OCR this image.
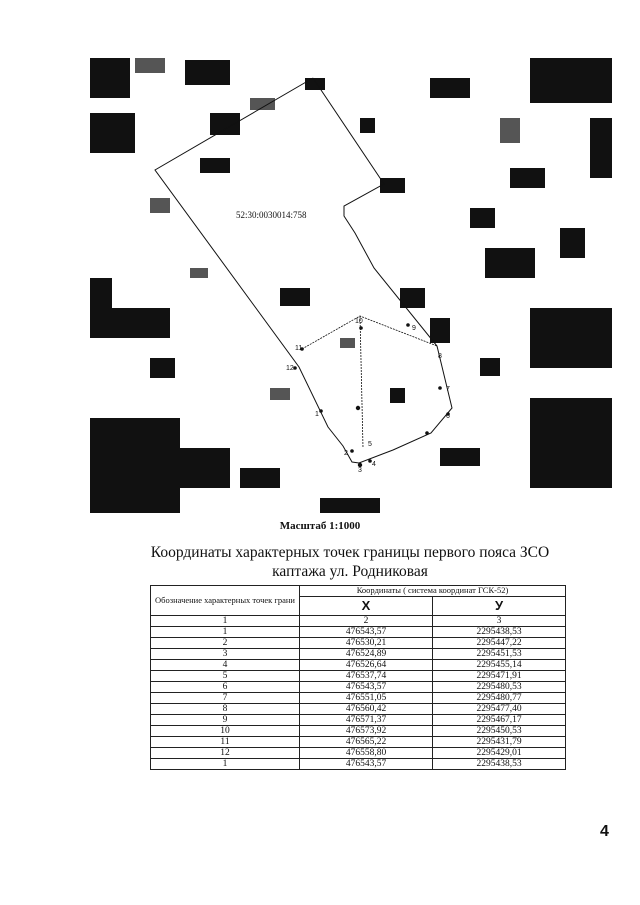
52:30:0030014:758
1
2
3
4
5
6
7
8
9
10
11
12
Масштаб 1:1000
Координаты характерных точек границы первого пояса ЗСО
каптажа ул. Родниковая
Обозначение характерных точек грани	Координаты ( система координат ГСК-52)	
	X	У
1	2	3
1	476543,57	2295438,53
2	476530,21	2295447,22
3	476524,89	2295451,53
4	476526,64	2295455,14
5	476537,74	2295471,91
6	476543,57	2295480,53
7	476551,05	2295480,77
8	476560,42	2295477,40
9	476571,37	2295467,17
10	476573,92	2295450,53
11	476565,22	2295431,79
12	476558,80	2295429,01
1	476543,57	2295438,53
4
